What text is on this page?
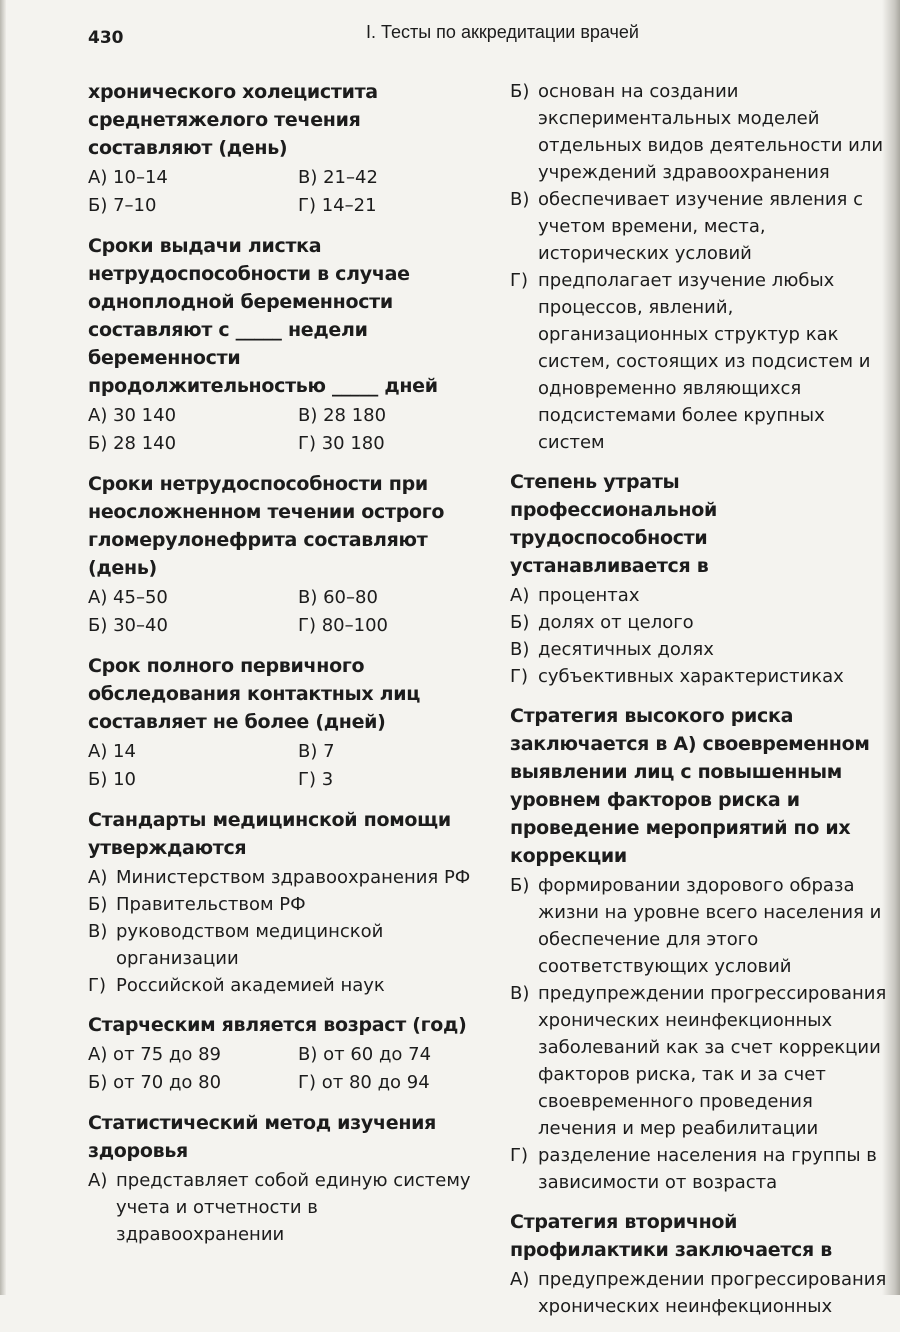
430	I. Тесты по аккредитации врачей
хронического холецистита среднетяжелого течения составляют (день)
А) 10–14	В) 21–42
Б) 7–10	Г) 14–21
Сроки выдачи листка нетрудоспособности в случае одноплодной беременности составляют с _____ недели беременности продолжительностью _____ дней
А) 30 140	В) 28 180
Б) 28 140	Г) 30 180
Сроки нетрудоспособности при неосложненном течении острого гломерулонефрита составляют (день)
А) 45–50	В) 60–80
Б) 30–40	Г) 80–100
Срок полного первичного обследования контактных лиц составляет не более (дней)
А) 14	В) 7
Б) 10	Г) 3
Стандарты медицинской помощи утверждаются
А) Министерством здравоохранения РФ
Б) Правительством РФ
В) руководством медицинской организации
Г) Российской академией наук
Старческим является возраст (год)
А) от 75 до 89	В) от 60 до 74
Б) от 70 до 80	Г) от 80 до 94
Статистический метод изучения здоровья
А) представляет собой единую систему учета и отчетности в здравоохранении
Б) основан на создании экспериментальных моделей отдельных видов деятельности или учреждений здравоохранения
В) обеспечивает изучение явления с учетом времени, места, исторических условий
Г) предполагает изучение любых процессов, явлений, организационных структур как систем, состоящих из подсистем и одновременно являющихся подсистемами более крупных систем
Степень утраты профессиональной трудоспособности устанавливается в
А) процентах
Б) долях от целого
В) десятичных долях
Г) субъективных характеристиках
Стратегия высокого риска заключается в А) своевременном выявлении лиц с повышенным уровнем факторов риска и проведение мероприятий по их коррекции
Б) формировании здорового образа жизни на уровне всего населения и обеспечение для этого соответствующих условий
В) предупреждении прогрессирования хронических неинфекционных заболеваний как за счет коррекции факторов риска, так и за счет своевременного проведения лечения и мер реабилитации
Г) разделение населения на группы в зависимости от возраста
Стратегия вторичной профилактики заключается в
А) предупреждении прогрессирования хронических неинфекционных
